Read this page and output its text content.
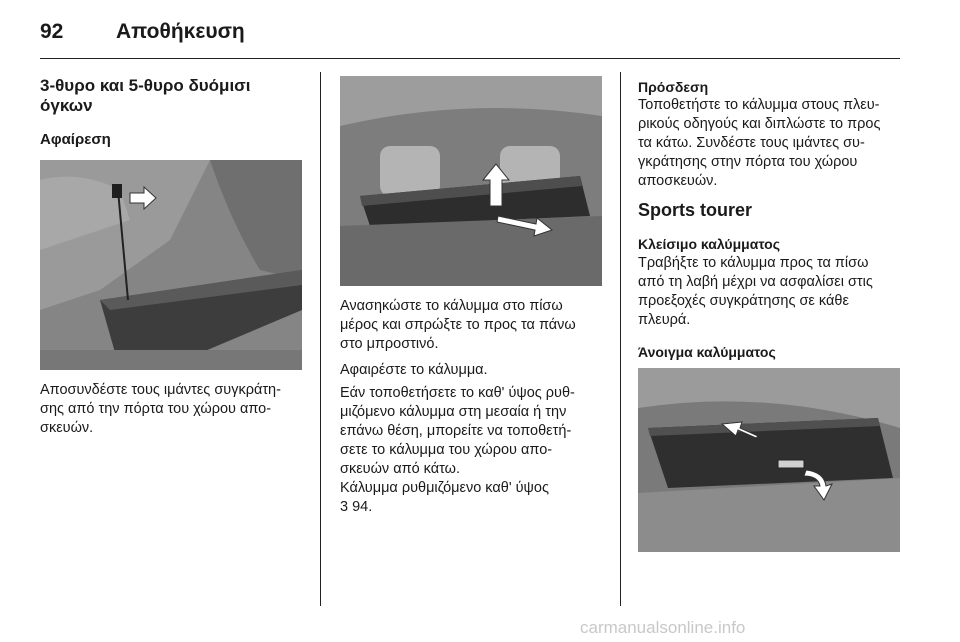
92	Αποθήκευση
3-θυρο και 5-θυρο δυόμισι
όγκων
Αφαίρεση
Αποσυνδέστε τους ιμάντες συγκράτη-
σης από την πόρτα του χώρου απο-
σκευών.
Ανασηκώστε το κάλυμμα στο πίσω
μέρος και σπρώξτε το προς τα πάνω
στο μπροστινό.
Αφαιρέστε το κάλυμμα.
Εάν τοποθετήσετε το καθ' ύψος ρυθ-
μιζόμενο κάλυμμα στη μεσαία ή την
επάνω θέση, μπορείτε να τοποθετή-
σετε το κάλυμμα του χώρου απο-
σκευών από κάτω.
Κάλυμμα ρυθμιζόμενο καθ' ύψος
3 94.
Πρόσδεση
Τοποθετήστε το κάλυμμα στους πλευ-
ρικούς οδηγούς και διπλώστε το προς
τα κάτω. Συνδέστε τους ιμάντες συ-
γκράτησης στην πόρτα του χώρου
αποσκευών.
Sports tourer
Κλείσιμο καλύμματος
Τραβήξτε το κάλυμμα προς τα πίσω
από τη λαβή μέχρι να ασφαλίσει στις
προεξοχές συγκράτησης σε κάθε
πλευρά.
Άνοιγμα καλύμματος
carmanualsonline.info
